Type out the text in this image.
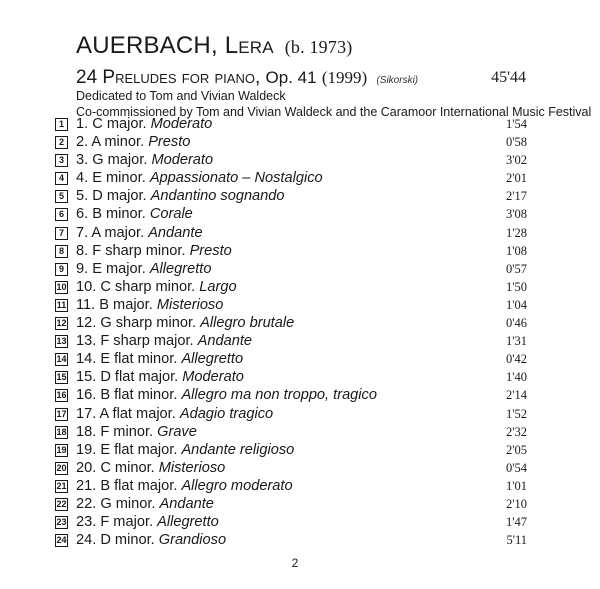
AUERBACH, Lera (b. 1973)
24 Preludes for piano, Op. 41 (1999) (Sikorski)	45'44
Dedicated to Tom and Vivian Waldeck
Co-commissioned by Tom and Vivian Waldeck and the Caramoor International Music Festival
1 1. C major. Moderato	1'54
2 2. A minor. Presto	0'58
3 3. G major. Moderato	3'02
4 4. E minor. Appassionato – Nostalgico	2'01
5 5. D major. Andantino sognando	2'17
6 6. B minor. Corale	3'08
7 7. A major. Andante	1'28
8 8. F sharp minor. Presto	1'08
9 9. E major. Allegretto	0'57
10 10. C sharp minor. Largo	1'50
11 11. B major. Misterioso	1'04
12 12. G sharp minor. Allegro brutale	0'46
13 13. F sharp major. Andante	1'31
14 14. E flat minor. Allegretto	0'42
15 15. D flat major. Moderato	1'40
16 16. B flat minor. Allegro ma non troppo, tragico	2'14
17 17. A flat major. Adagio tragico	1'52
18 18. F minor. Grave	2'32
19 19. E flat major. Andante religioso	2'05
20 20. C minor. Misterioso	0'54
21 21. B flat major. Allegro moderato	1'01
22 22. G minor. Andante	2'10
23 23. F major. Allegretto	1'47
24 24. D minor. Grandioso	5'11
2
